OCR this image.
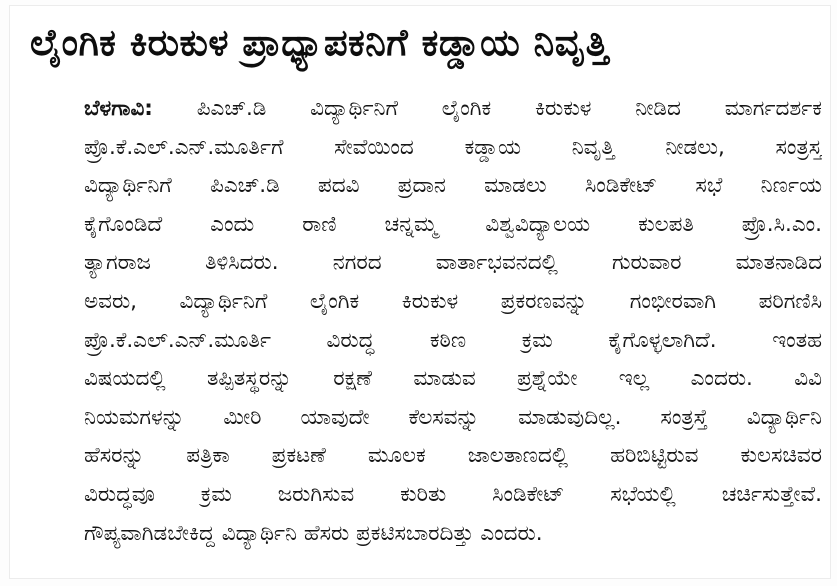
ಲೈಂಗಿಕ ಕಿರುಕುಳ ಪ್ರಾಧ್ಯಾಪಕನಿಗೆ ಕಡ್ಡಾಯ ನಿವೃತ್ತಿ
ಬೆಳಗಾವಿ: ಪಿಎಚ್.ಡಿ ವಿದ್ಯಾರ್ಥಿನಿಗೆ ಲೈಂಗಿಕ ಕಿರುಕುಳ ನೀಡಿದ ಮಾರ್ಗದರ್ಶಕ
ಪ್ರೊ.ಕೆ.ಎಲ್.ಎನ್.ಮೂರ್ತಿಗೆ ಸೇವೆಯಿಂದ ಕಡ್ಡಾಯ ನಿವೃತ್ತಿ ನೀಡಲು, ಸಂತ್ರಸ್ತ
ವಿದ್ಯಾರ್ಥಿನಿಗೆ ಪಿಎಚ್.ಡಿ ಪದವಿ ಪ್ರದಾನ ಮಾಡಲು ಸಿಂಡಿಕೇಟ್ ಸಭೆ ನಿರ್ಣಯ
ಕೈಗೊಂಡಿದೆ ಎಂದು ರಾಣಿ ಚನ್ನಮ್ಮ ವಿಶ್ವವಿದ್ಯಾಲಯ ಕುಲಪತಿ ಪ್ರೊ.ಸಿ.ಎಂ.
ತ್ಯಾಗರಾಜ ತಿಳಿಸಿದರು. ನಗರದ ವಾರ್ತಾಭವನದಲ್ಲಿ ಗುರುವಾರ ಮಾತನಾಡಿದ
ಅವರು, ವಿದ್ಯಾರ್ಥಿನಿಗೆ ಲೈಂಗಿಕ ಕಿರುಕುಳ ಪ್ರಕರಣವನ್ನು ಗಂಭೀರವಾಗಿ ಪರಿಗಣಿಸಿ
ಪ್ರೊ.ಕೆ.ಎಲ್.ಎನ್.ಮೂರ್ತಿ ವಿರುದ್ಧ ಕಠಿಣ ಕ್ರಮ ಕೈಗೊಳ್ಳಲಾಗಿದೆ. ಇಂತಹ
ವಿಷಯದಲ್ಲಿ ತಪ್ಪಿತಸ್ಥರನ್ನು ರಕ್ಷಣೆ ಮಾಡುವ ಪ್ರಶ್ನೆಯೇ ಇಲ್ಲ ಎಂದರು. ವಿವಿ
ನಿಯಮಗಳನ್ನು ಮೀರಿ ಯಾವುದೇ ಕೆಲಸವನ್ನು ಮಾಡುವುದಿಲ್ಲ. ಸಂತ್ರಸ್ತೆ ವಿದ್ಯಾರ್ಥಿನಿ
ಹೆಸರನ್ನು ಪತ್ರಿಕಾ ಪ್ರಕಟಣೆ ಮೂಲಕ ಜಾಲತಾಣದಲ್ಲಿ ಹರಿಬಿಟ್ಟಿರುವ ಕುಲಸಚಿವರ
ವಿರುದ್ಧವೂ ಕ್ರಮ ಜರುಗಿಸುವ ಕುರಿತು ಸಿಂಡಿಕೇಟ್ ಸಭೆಯಲ್ಲಿ ಚರ್ಚಿಸುತ್ತೇವೆ.
ಗೌಪ್ಯವಾಗಿಡಬೇಕಿದ್ದ ವಿದ್ಯಾರ್ಥಿನಿ ಹೆಸರು ಪ್ರಕಟಿಸಬಾರದಿತ್ತು ಎಂದರು.
